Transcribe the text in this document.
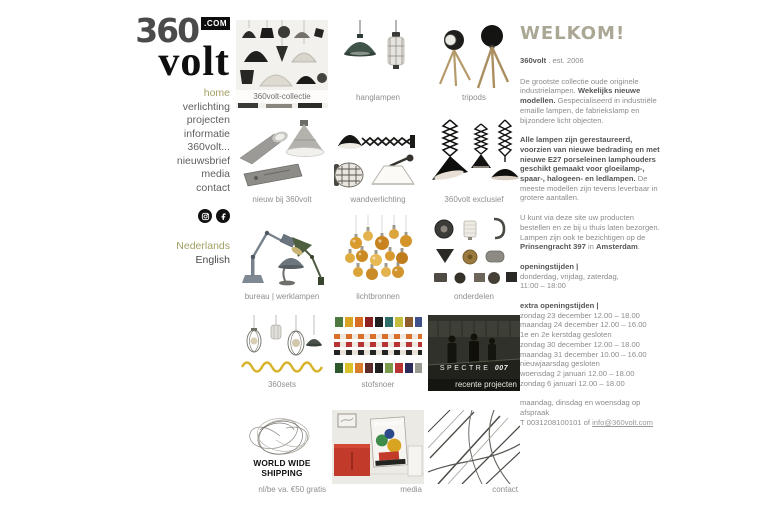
360 .COM
volt
home
verlichting
projecten
informatie
360volt...
nieuwsbrief
media
contact
Nederlands
English
360volt-collectie	hanglampen	tripods
nieuw bij 360volt	wandverlichting	360volt exclusief
bureau | werklampen	lichtbronnen	onderdelen
360sets	stofsnoer
SPECTRE 007
recente projecten
WORLD WIDE SHIPPING
nl/be va. €50 gratis
Wallpaper*
media	contact
WELKOM!
360volt . est. 2006

De grootste collectie oude originele industrielampen. Wekelijks nieuwe modellen. Gespecialiseerd in industriële emaille lampen, de fabriekslamp en bijzondere licht objecten.

Alle lampen zijn gerestaureerd, voorzien van nieuwe bedrading en met nieuwe E27 porseleinen lamphouders geschikt gemaakt voor gloeilamp-, spaar-, halogeen- en ledlampen. De meeste modellen zijn tevens leverbaar in grotere aantallen.

U kunt via deze site uw producten bestellen en ze bij u thuis laten bezorgen. Lampen zijn ook te bezichtigen op de Prinsengracht 397 in Amsterdam.

openingstijden |
donderdag, vrijdag, zaterdag,
11:00 – 18:00

extra openingstijden |
zondag 23 december 12.00 – 18.00
maandag 24 december 12.00 – 16.00
1e en 2e kerstdag gesloten
zondag 30 december 12.00 – 18.00
maandag 31 december 10.00 – 16.00
nieuwjaarsdag gesloten
woensdag 2 januari 12.00 – 18.00
zondag 6 januari 12.00 – 18.00

maandag, dinsdag en woensdag op afspraak
T 0031208100101 of info@360volt.com
